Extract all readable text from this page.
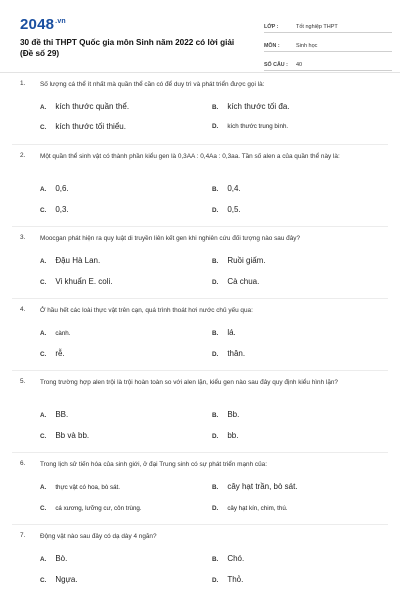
$2048^{.vn}$
30 đề thi THPT Quốc gia môn Sinh năm 2022 có lời giải (Đề số 29)
LỚP :	Tốt nghiệp THPT
MÔN :	Sinh học
SỐ CÂU :	40
1. Số lượng cá thể ít nhất mà quần thể cần có để duy trì và phát triển được gọi là:
A. kích thước quần thể.	B. kích thước tối đa.
C. kích thước tối thiểu.	D. kích thước trung bình.
2. Một quần thể sinh vật có thành phần kiểu gen là 0,3AA : 0,4Aa : 0,3aa. Tần số alen a của quần thể này là:
A. 0,6.	B. 0,4.
C. 0,3.	D. 0,5.
3. Moocgan phát hiện ra quy luật di truyền liên kết gen khi nghiên cứu đối tượng nào sau đây?
A. Đậu Hà Lan.	B. Ruồi giấm.
C. Vi khuẩn E. coli.	D. Cà chua.
4. Ở hầu hết các loài thực vật trên cạn, quá trình thoát hơi nước chủ yếu qua:
A. cành.	B. lá.
C. rễ.	D. thân.
5. Trong trường hợp alen trội là trội hoàn toàn so với alen lặn, kiểu gen nào sau đây quy định kiểu hình lặn?
A. BB.	B. Bb.
C. Bb và bb.	D. bb.
6. Trong lịch sử tiến hóa của sinh giới, ở đại Trung sinh có sự phát triển mạnh của:
A. thực vật có hoa, bò sát.	B. cây hạt trần, bò sát.
C. cá xương, lưỡng cư, côn trùng.	D. cây hạt kín, chim, thú.
7. Động vật nào sau đây có dạ dày 4 ngăn?
A. Bò.	B. Chó.
C. Ngựa.	D. Thỏ.
